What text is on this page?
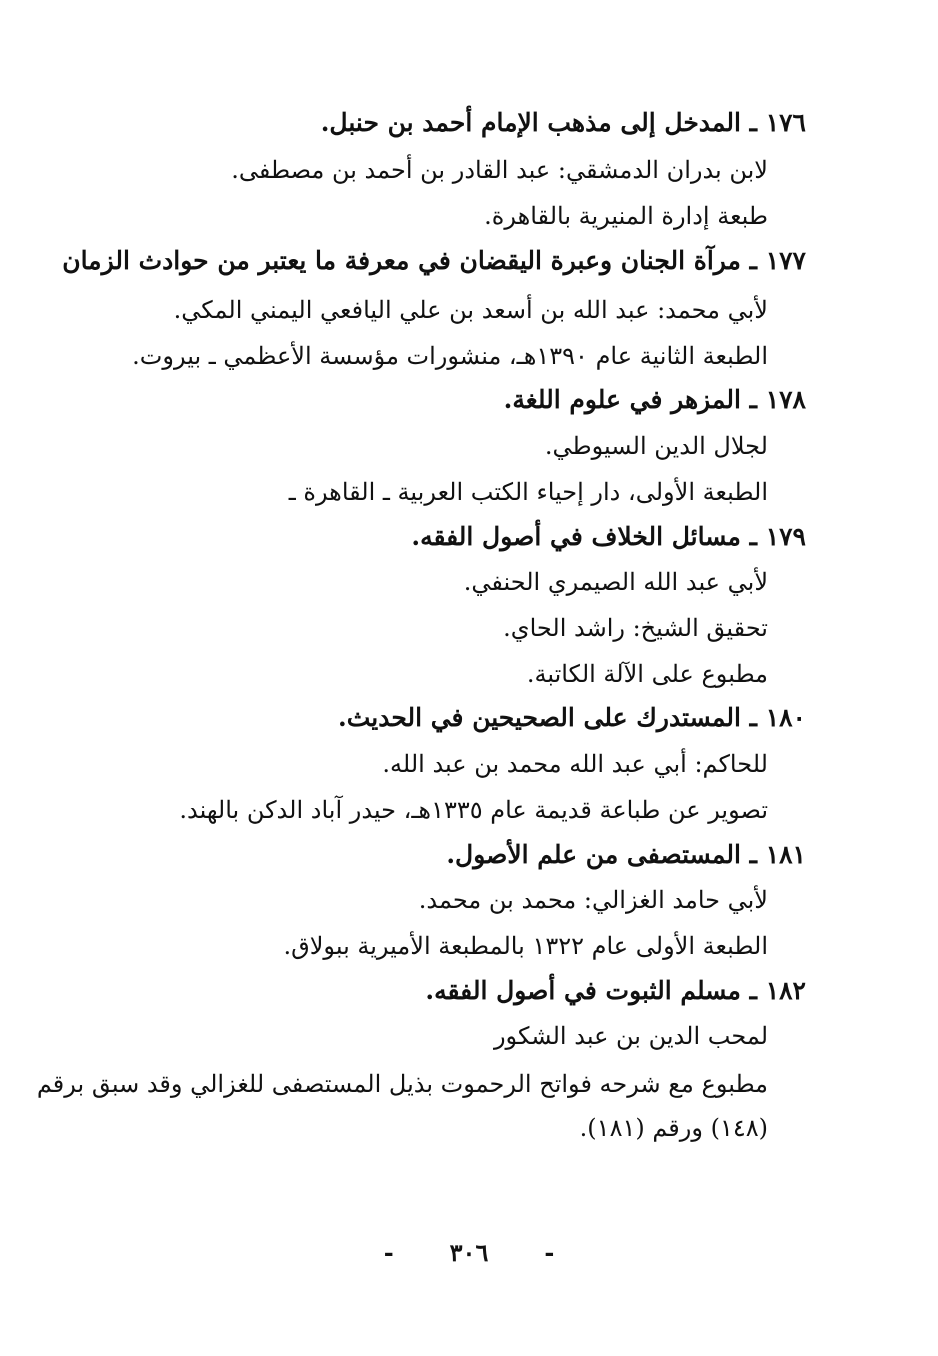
١٧٦ ـ المدخل إلى مذهب الإمام أحمد بن حنبل.
لابن بدران الدمشقي: عبد القادر بن أحمد بن مصطفى.
طبعة إدارة المنيرية بالقاهرة.
١٧٧ ـ مرآة الجنان وعبرة اليقضان في معرفة ما يعتبر من حوادث الزمان
لأبي محمد: عبد الله بن أسعد بن علي اليافعي اليمني المكي.
الطبعة الثانية عام ١٣٩٠هـ، منشورات مؤسسة الأعظمي ـ بيروت.
١٧٨ ـ المزهر في علوم اللغة.
لجلال الدين السيوطي.
الطبعة الأولى، دار إحياء الكتب العربية ـ القاهرة ـ
١٧٩ ـ مسائل الخلاف في أصول الفقه.
لأبي عبد الله الصيمري الحنفي.
تحقيق الشيخ: راشد الحاي.
مطبوع على الآلة الكاتبة.
١٨٠ ـ المستدرك على الصحيحين في الحديث.
للحاكم: أبي عبد الله محمد بن عبد الله.
تصوير عن طباعة قديمة عام ١٣٣٥هـ، حيدر آباد الدكن بالهند.
١٨١ ـ المستصفى من علم الأصول.
لأبي حامد الغزالي: محمد بن محمد.
الطبعة الأولى عام ١٣٢٢ بالمطبعة الأميرية ببولاق.
١٨٢ ـ مسلم الثبوت في أصول الفقه.
لمحب الدين بن عبد الشكور
مطبوع مع شرحه فواتح الرحموت بذيل المستصفى للغزالي وقد سبق برقم
(١٤٨) ورقم (١٨١).
-٣٠٦-
